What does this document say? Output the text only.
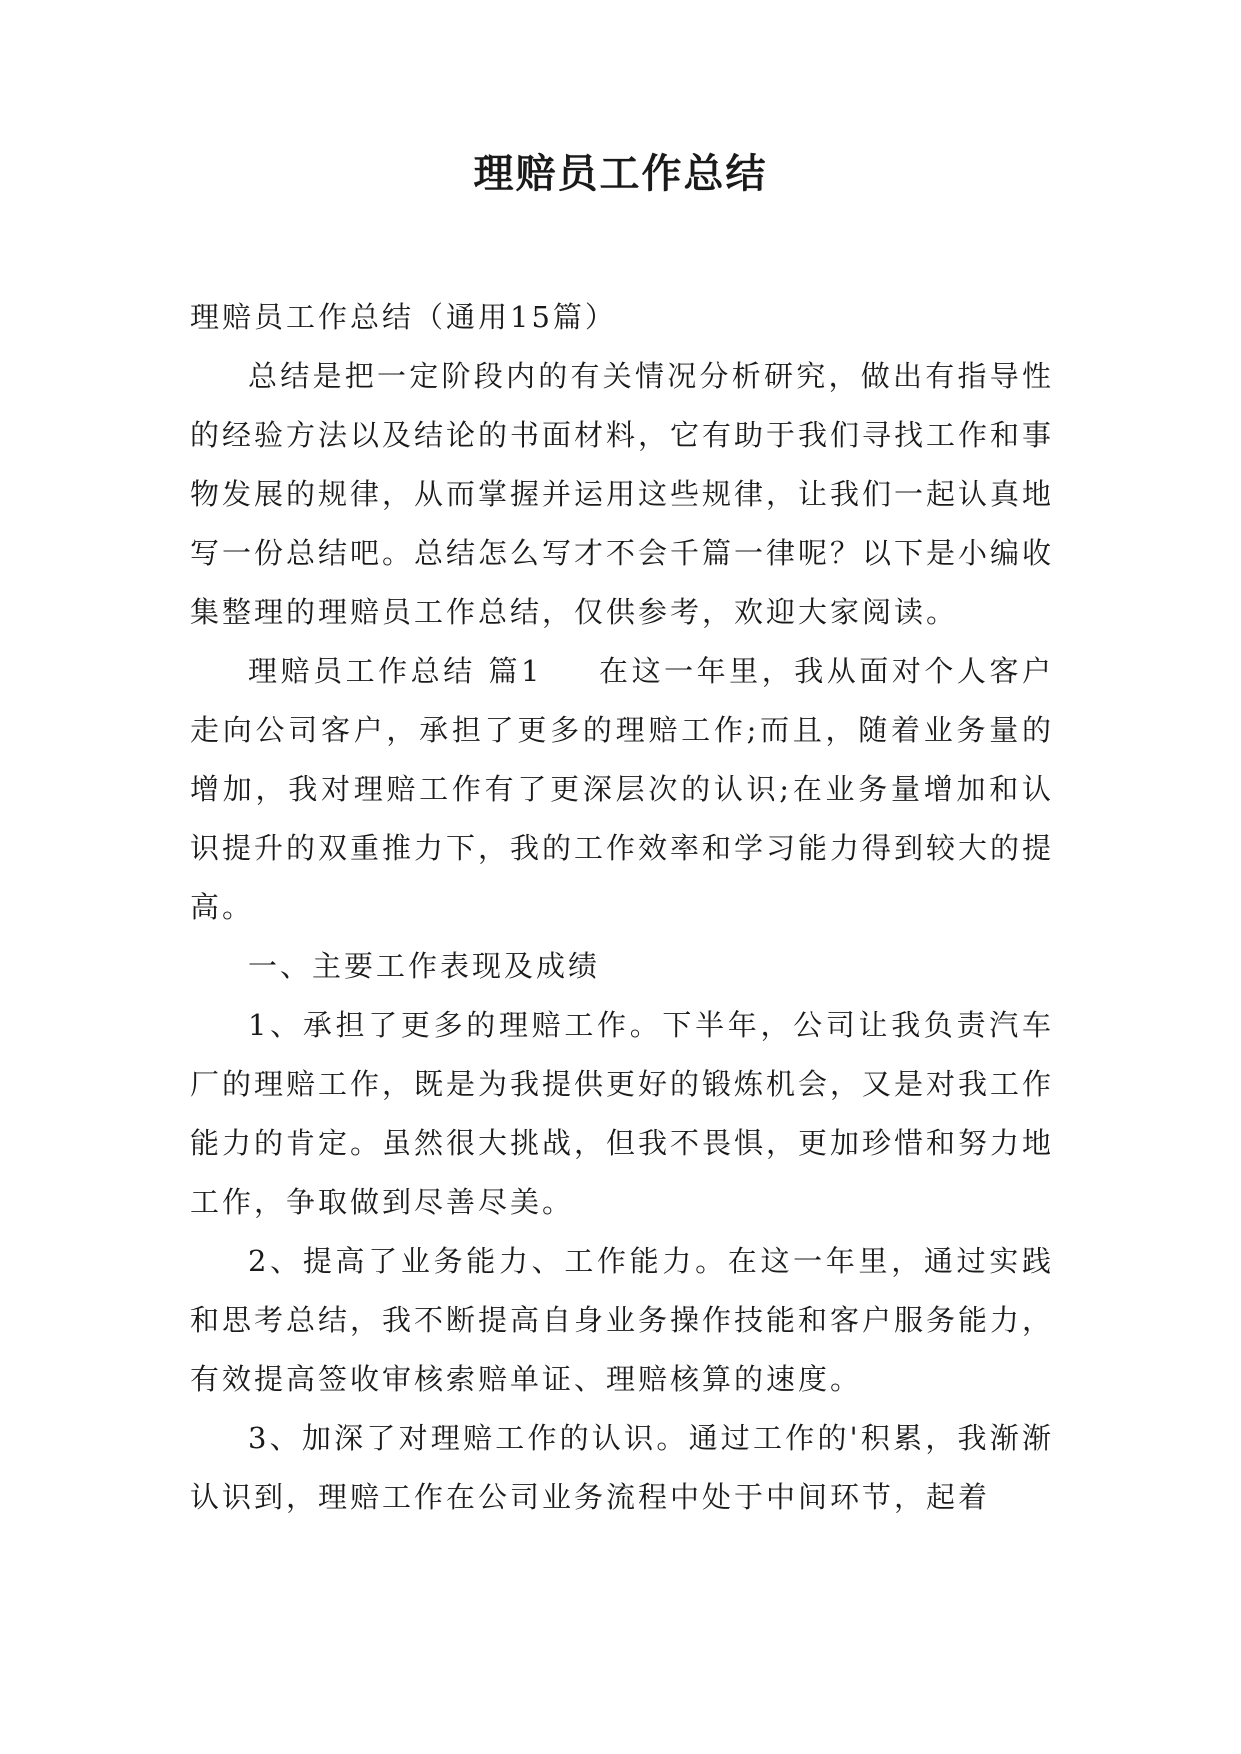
理赔员工作总结

理赔员工作总结（通用15篇）

总结是把一定阶段内的有关情况分析研究，做出有指导性的经验方法以及结论的书面材料，它有助于我们寻找工作和事物发展的规律，从而掌握并运用这些规律，让我们一起认真地写一份总结吧。总结怎么写才不会千篇一律呢？以下是小编收集整理的理赔员工作总结，仅供参考，欢迎大家阅读。

理赔员工作总结 篇1 在这一年里，我从面对个人客户走向公司客户，承担了更多的理赔工作;而且，随着业务量的增加，我对理赔工作有了更深层次的认识;在业务量增加和认识提升的双重推力下，我的工作效率和学习能力得到较大的提高。

一、主要工作表现及成绩

1、承担了更多的理赔工作。下半年，公司让我负责汽车厂的理赔工作，既是为我提供更好的锻炼机会，又是对我工作能力的肯定。虽然很大挑战，但我不畏惧，更加珍惜和努力地工作，争取做到尽善尽美。

2、提高了业务能力、工作能力。在这一年里，通过实践和思考总结，我不断提高自身业务操作技能和客户服务能力，有效提高签收审核索赔单证、理赔核算的速度。

3、加深了对理赔工作的认识。通过工作的'积累，我渐渐认识到，理赔工作在公司业务流程中处于中间环节，起着
